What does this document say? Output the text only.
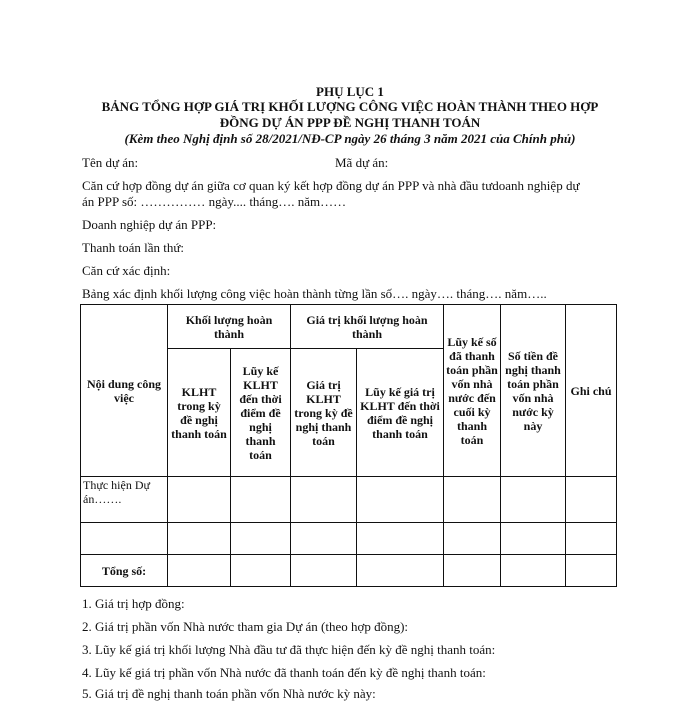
PHỤ LỤC 1
BẢNG TỔNG HỢP GIÁ TRỊ KHỐI LƯỢNG CÔNG VIỆC HOÀN THÀNH THEO HỢP
ĐỒNG DỰ ÁN PPP ĐỀ NGHỊ THANH TOÁN
(Kèm theo Nghị định số 28/2021/NĐ-CP ngày 26 tháng 3 năm 2021 của Chính phủ)
Tên dự án:	Mã dự án:
Căn cứ hợp đồng dự án giữa cơ quan ký kết hợp đồng dự án PPP và nhà đầu tưdoanh nghiệp dự
án PPP số: …………… ngày.... tháng…. năm……
Doanh nghiệp dự án PPP:
Thanh toán lần thứ:
Căn cứ xác định:
Bảng xác định khối lượng công việc hoàn thành từng lần số…. ngày…. tháng…. năm…..
Nội dung công việc	Khối lượng hoàn thành		Giá trị khối lượng hoàn thành		Lũy kế số đã thanh toán phần vốn nhà nước đến cuối kỳ thanh toán	Số tiền đề nghị thanh toán phần vốn nhà nước kỳ này	Ghi chú
	KLHT trong kỳ đề nghị thanh toán	Lũy kế KLHT đến thời điểm đề nghị thanh toán	Giá trị KLHT trong kỳ đề nghị thanh toán	Lũy kế giá trị KLHT đến thời điểm đề nghị thanh toán			
Thực hiện Dự án…….							

Tổng số:							
1. Giá trị hợp đồng:
2. Giá trị phần vốn Nhà nước tham gia Dự án (theo hợp đồng):
3. Lũy kế giá trị khối lượng Nhà đầu tư đã thực hiện đến kỳ đề nghị thanh toán:
4. Lũy kế giá trị phần vốn Nhà nước đã thanh toán đến kỳ đề nghị thanh toán:
5. Giá trị đề nghị thanh toán phần vốn Nhà nước kỳ này:
